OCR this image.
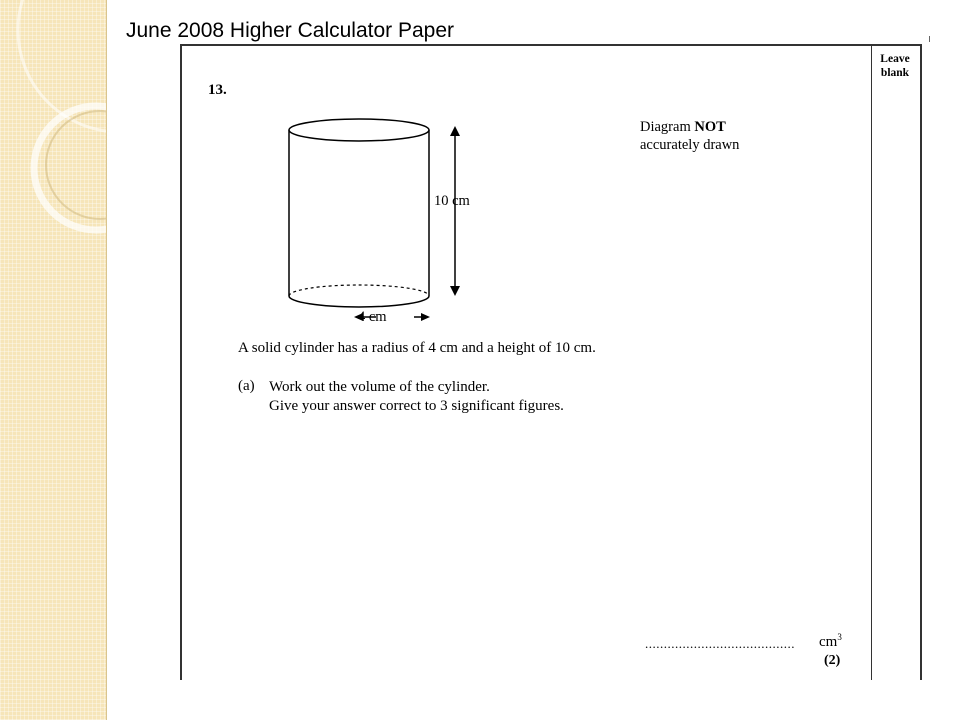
June 2008 Higher Calculator Paper
Leave
blank
13.
Diagram NOT
accurately drawn
10 cm
4 cm
A solid cylinder has a radius of 4 cm and a height of 10 cm.
(a) Work out the volume of the cylinder.
Give your answer correct to 3 significant figures.
........................................ $cm^3$
(2)
